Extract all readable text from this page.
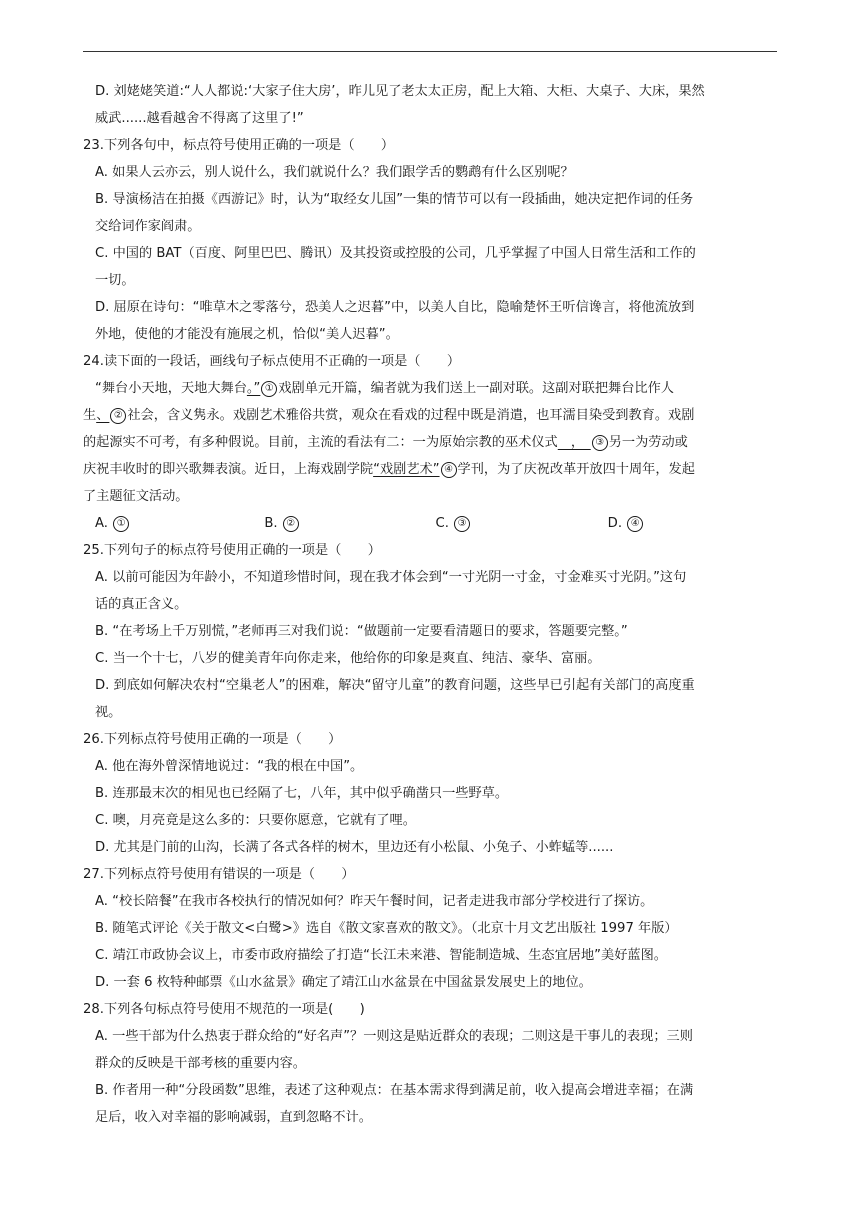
D. 刘姥姥笑道:“人人都说:‘大家子住大房’，昨儿见了老太太正房，配上大箱、大柜、大桌子、大床，果然

威武......越看越舍不得离了这里了!”

23.下列各句中，标点符号使用正确的一项是（　　）

A. 如果人云亦云，别人说什么，我们就说什么？我们跟学舌的鹦鹉有什么区别呢？

B. 导演杨洁在拍摄《西游记》时，认为“取经女儿国”一集的情节可以有一段插曲，她决定把作词的任务

交给词作家阎肃。

C. 中国的 BAT（百度、阿里巴巴、腾讯）及其投资或控股的公司，几乎掌握了中国人日常生活和工作的

一切。

D. 屈原在诗句：“唯草木之零落兮，恐美人之迟暮”中，以美人自比，隐喻楚怀王听信谗言，将他流放到

外地，使他的才能没有施展之机，恰似“美人迟暮”。

24.读下面的一段话，画线句子标点使用不正确的一项是（　　）

“舞台小天地，天地大舞台。” ① 戏剧单元开篇，编者就为我们送上一副对联。这副对联把舞台比作人

生、 ② 社会，含义隽永。戏剧艺术雅俗共赏，观众在看戏的过程中既是消遣，也耳濡目染受到教育。戏剧

的起源实不可考，有多种假说。目前，主流的看法有二：一为原始宗教的巫术仪式　，　③ 另一为劳动或

庆祝丰收时的即兴歌舞表演。近日，上海戏剧学院“戏剧艺术” ④ 学刊，为了庆祝改革开放四十周年，发起

了主题征文活动。

A. ①	B. ②	C. ③	D. ④

25.下列句子的标点符号使用正确的一项是（　　）

A. 以前可能因为年龄小，不知道珍惜时间，现在我才体会到“一寸光阴一寸金，寸金难买寸光阴。”这句

话的真正含义。

B. “在考场上千万别慌，”老师再三对我们说：“做题前一定要看清题日的要求，答题要完整。”

C. 当一个十七，八岁的健美青年向你走来，他给你的印象是爽直、纯洁、豪华、富丽。

D. 到底如何解决农村“空巢老人”的困难，解决“留守儿童”的教育问题，这些早已引起有关部门的高度重

视。

26.下列标点符号使用正确的一项是（　　）

A. 他在海外曾深情地说过：“我的根在中国”。

B. 连那最末次的相见也已经隔了七，八年，其中似乎确凿只一些野草。

C. 噢，月亮竟是这么多的：只要你愿意，它就有了哩。

D. 尤其是门前的山沟，长满了各式各样的树木，里边还有小松鼠、小兔子、小蚱蜢等......

27.下列标点符号使用有错误的一项是（　　）

A. “校长陪餐”在我市各校执行的情况如何？昨天午餐时间，记者走进我市部分学校进行了探访。

B. 随笔式评论《关于散文<白鹭>》选自《散文家喜欢的散文》。（北京十月文艺出版社 1997 年版）

C. 靖江市政协会议上，市委市政府描绘了打造“长江未来港、智能制造城、生态宜居地”美好蓝图。

D. 一套 6 枚特种邮票《山水盆景》确定了靖江山水盆景在中国盆景发展史上的地位。

28.下列各句标点符号使用不规范的一项是(　　)

A. 一些干部为什么热衷于群众给的“好名声”？一则这是贴近群众的表现；二则这是干事儿的表现；三则

群众的反映是干部考核的重要内容。

B. 作者用一种“分段函数”思维，表述了这种观点：在基本需求得到满足前，收入提高会增进幸福；在满

足后，收入对幸福的影响减弱，直到忽略不计。
